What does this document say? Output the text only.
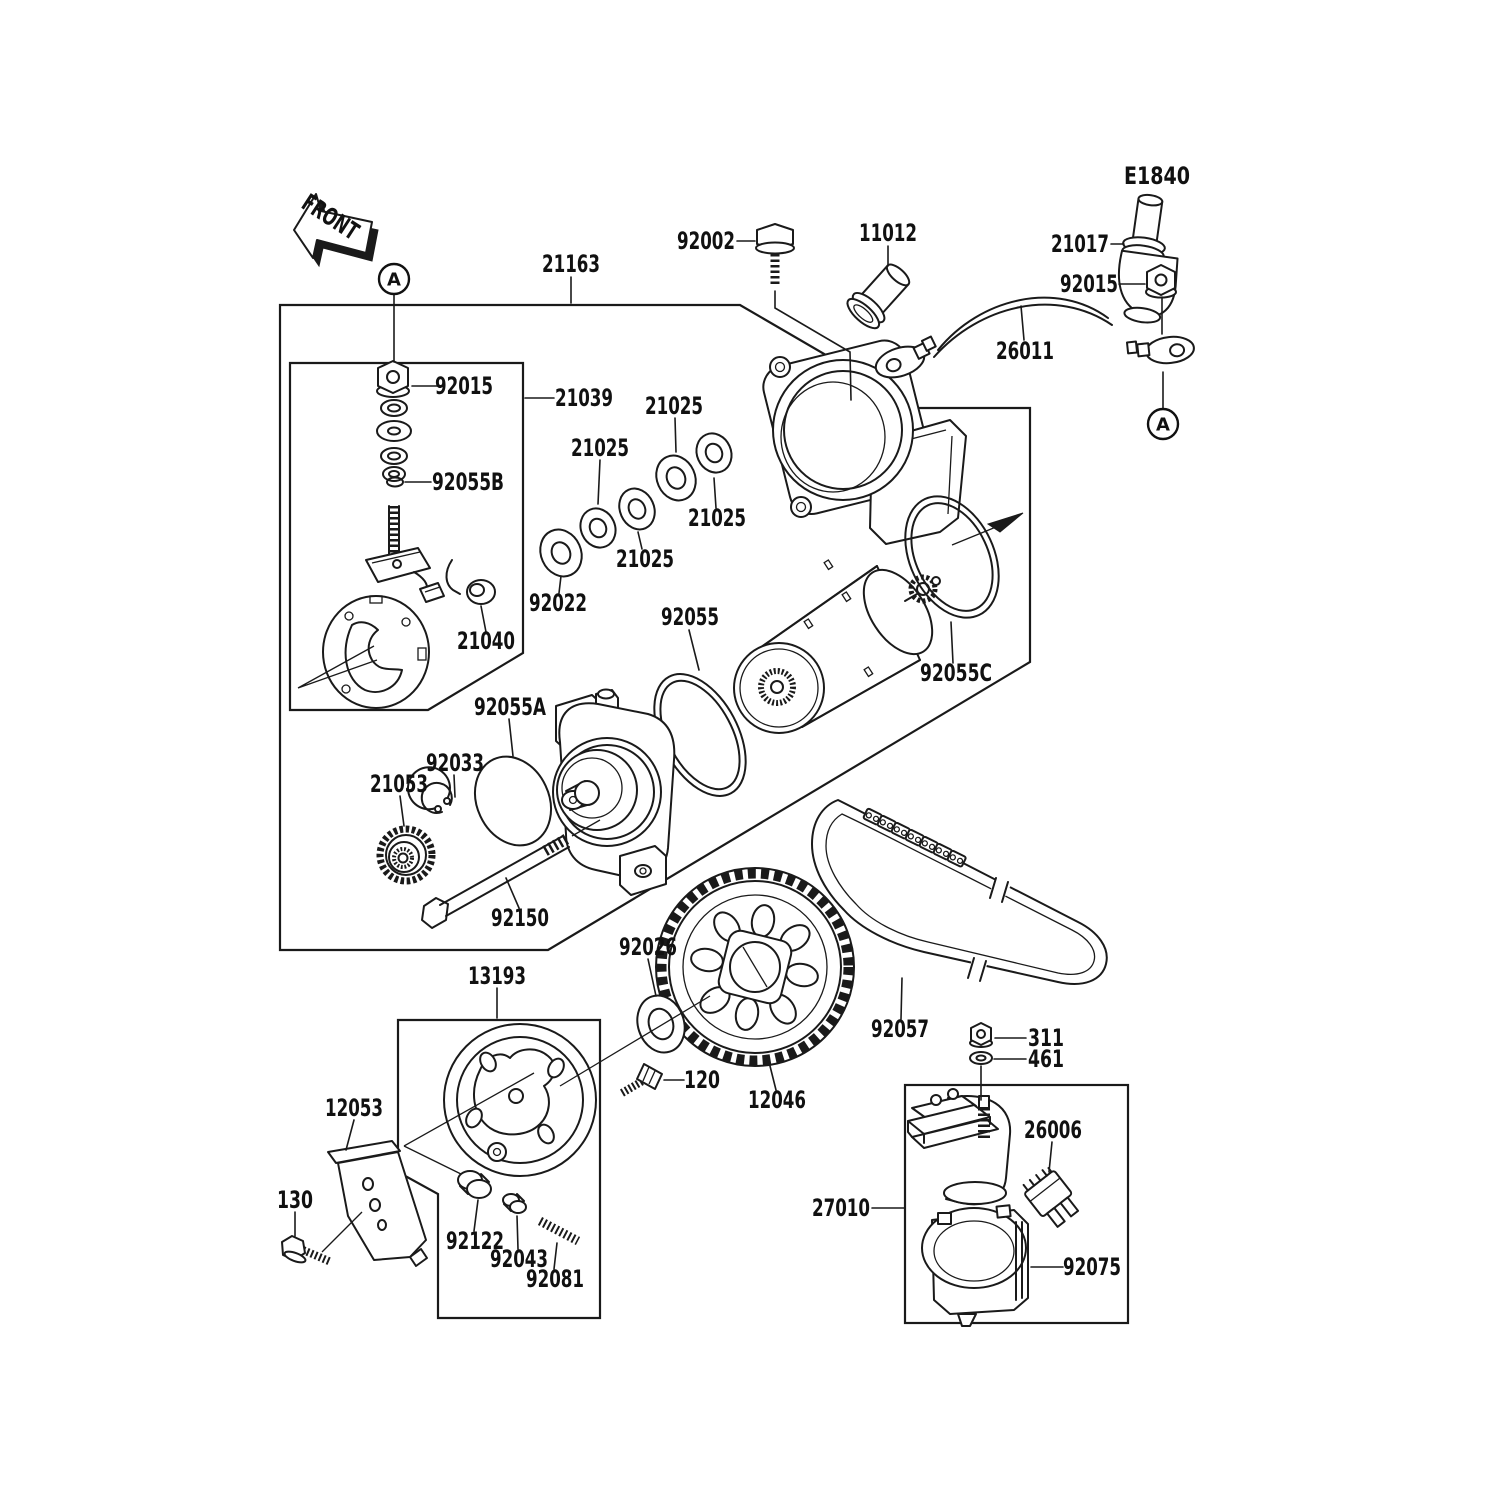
E1840
FRONT
21163
92002	11012	21017
92015
26011
92015	21039 21025
21025
92055B
21025
21025
92022	92055
21040
92055C
92055A
92033
21053
92150
92026
13193
92057	311
461
120
12046
12053
26006
130	27010
92122
92043
92081	92075
A
A
